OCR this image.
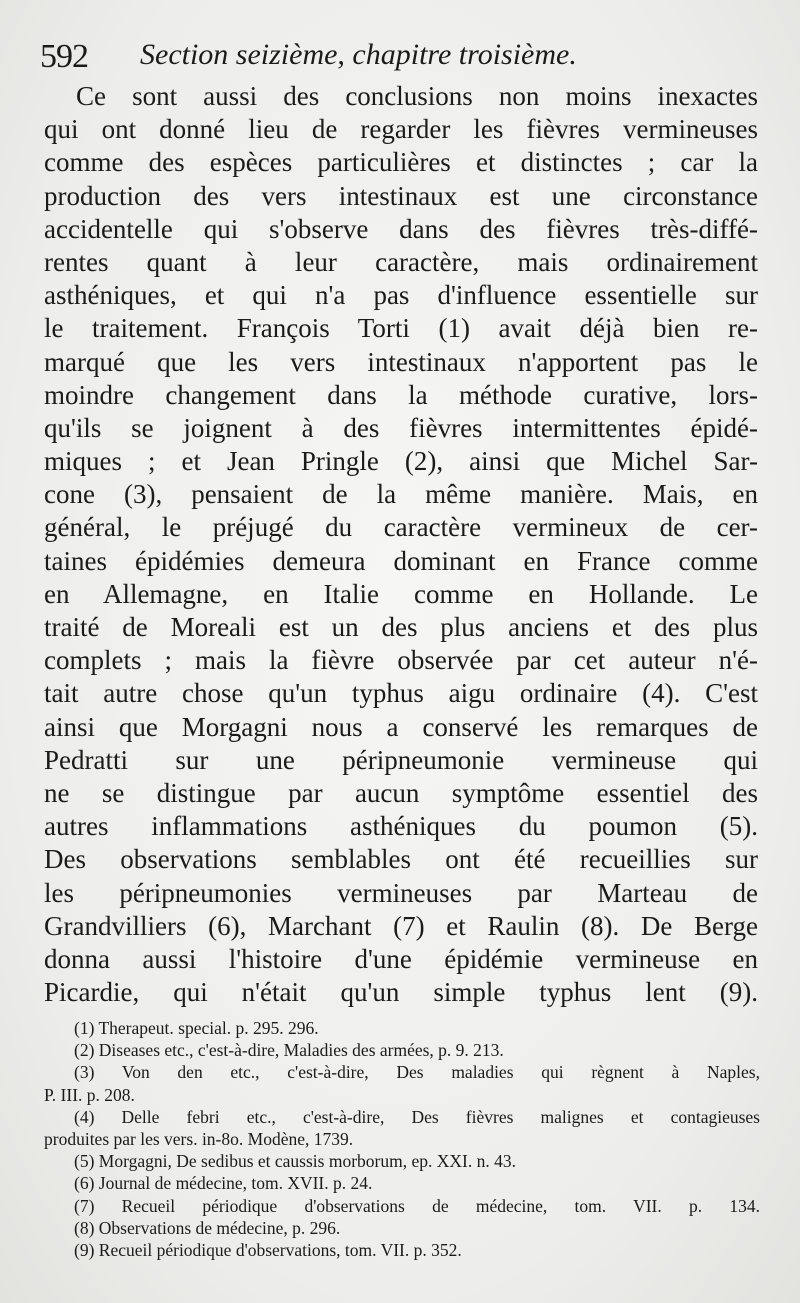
592 Section seizième, chapitre troisième.
Ce sont aussi des conclusions non moins inexactes
qui ont donné lieu de regarder les fièvres vermineuses
comme des espèces particulières et distinctes ; car la
production des vers intestinaux est une circonstance
accidentelle qui s'observe dans des fièvres très-diffé-
rentes quant à leur caractère, mais ordinairement
asthéniques, et qui n'a pas d'influence essentielle sur
le traitement. François Torti (1) avait déjà bien re-
marqué que les vers intestinaux n'apportent pas le
moindre changement dans la méthode curative, lors-
qu'ils se joignent à des fièvres intermittentes épidé-
miques ; et Jean Pringle (2), ainsi que Michel Sar-
cone (3), pensaient de la même manière. Mais, en
général, le préjugé du caractère vermineux de cer-
taines épidémies demeura dominant en France comme
en Allemagne, en Italie comme en Hollande. Le
traité de Moreali est un des plus anciens et des plus
complets ; mais la fièvre observée par cet auteur n'é-
tait autre chose qu'un typhus aigu ordinaire (4). C'est
ainsi que Morgagni nous a conservé les remarques de
Pedratti sur une péripneumonie vermineuse qui
ne se distingue par aucun symptôme essentiel des
autres inflammations asthéniques du poumon (5).
Des observations semblables ont été recueillies sur
les péripneumonies vermineuses par Marteau de
Grandvilliers (6), Marchant (7) et Raulin (8). De Berge
donna aussi l'histoire d'une épidémie vermineuse en
Picardie, qui n'était qu'un simple typhus lent (9).
(1) Therapeut. special. p. 295. 296.
(2) Diseases etc., c'est-à-dire, Maladies des armées, p. 9. 213.
(3) Von den etc., c'est-à-dire, Des maladies qui règnent à Naples,
P. III. p. 208.
(4) Delle febri etc., c'est-à-dire, Des fièvres malignes et contagieuses
produites par les vers. in-8o. Modène, 1739.
(5) Morgagni, De sedibus et caussis morborum, ep. XXI. n. 43.
(6) Journal de médecine, tom. XVII. p. 24.
(7) Recueil périodique d'observations de médecine, tom. VII. p. 134.
(8) Observations de médecine, p. 296.
(9) Recueil périodique d'observations, tom. VII. p. 352.
